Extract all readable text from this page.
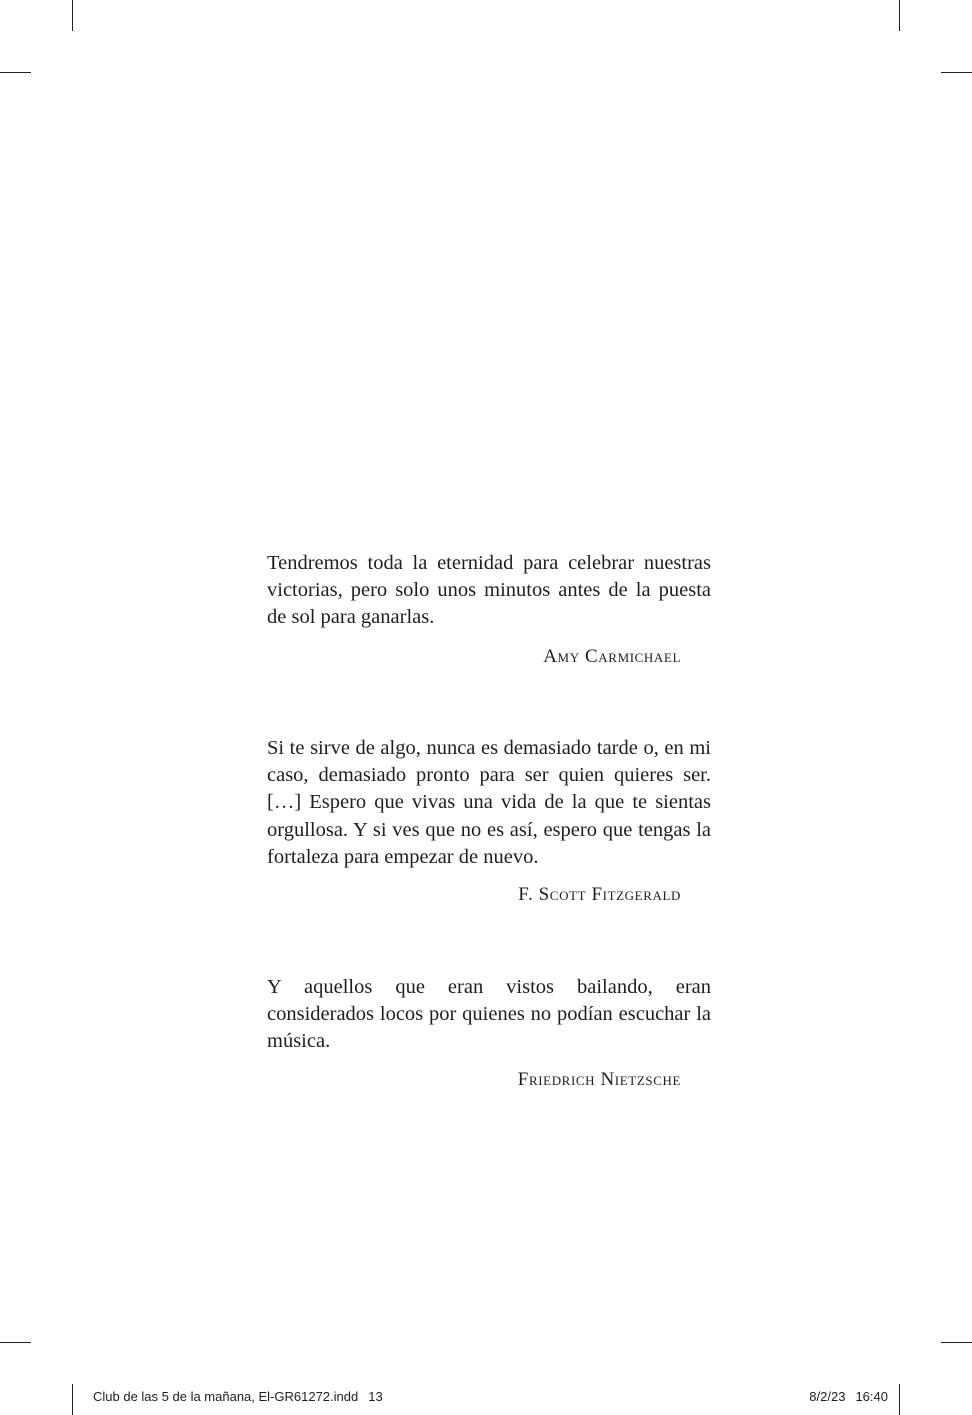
Tendremos toda la eternidad para celebrar nuestras victorias, pero solo unos minutos antes de la puesta de sol para ganarlas.

Amy Carmichael

Si te sirve de algo, nunca es demasiado tarde o, en mi caso, demasiado pronto para ser quien quieres ser. […] Espero que vivas una vida de la que te sientas orgullosa. Y si ves que no es así, espero que tengas la fortaleza para empezar de nuevo.

F. Scott Fitzgerald

Y aquellos que eran vistos bailando, eran considerados locos por quienes no podían escuchar la música.

Friedrich Nietzsche

Club de las 5 de la mañana, El-GR61272.indd 13	8/2/23 16:40
